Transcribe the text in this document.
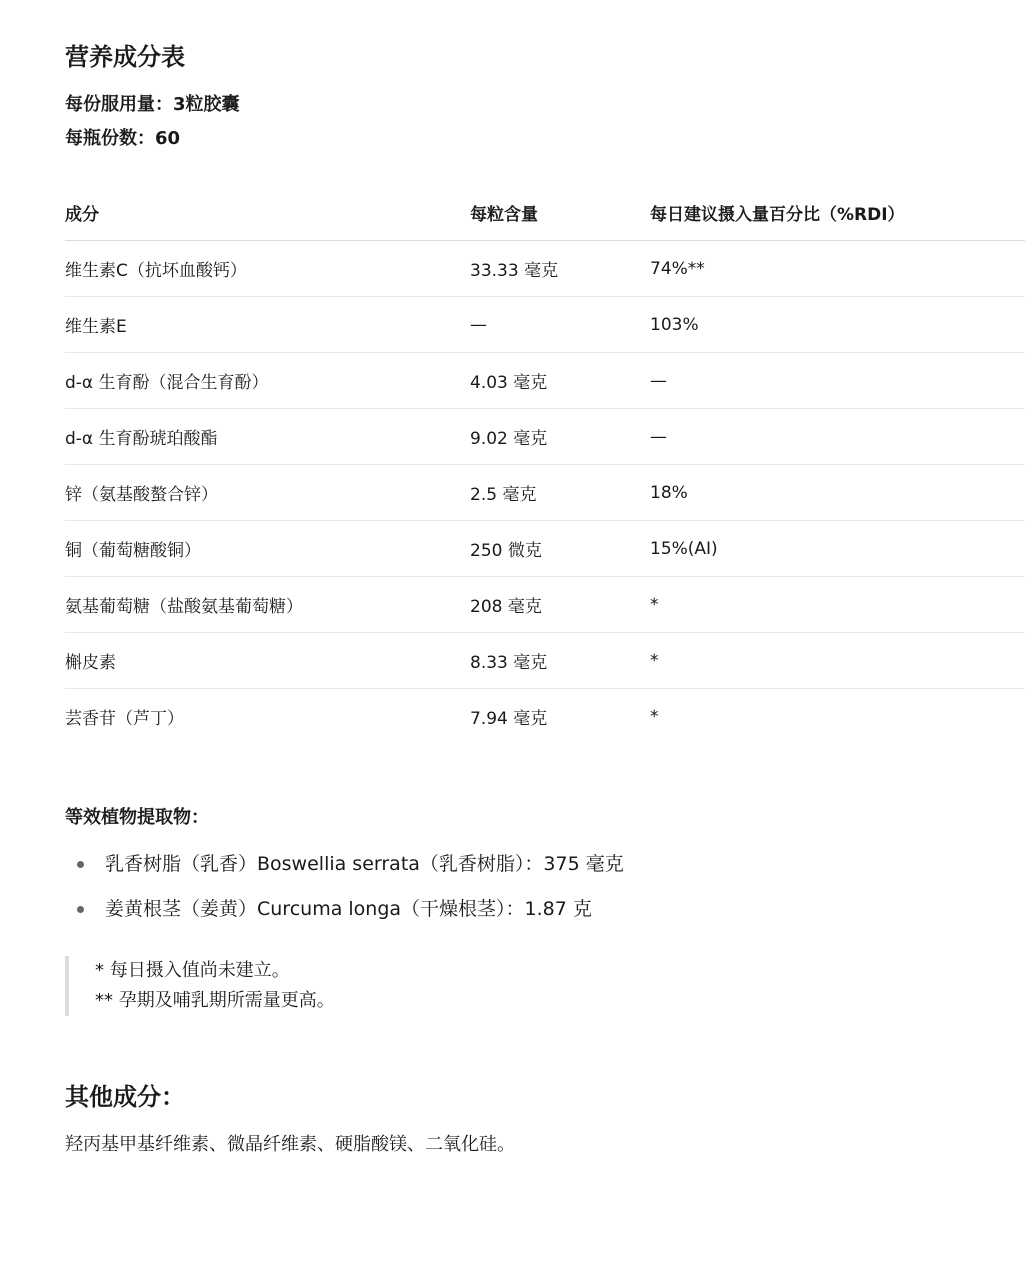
营养成分表

每份服用量：3粒胶囊

每瓶份数：60

成分	每粒含量	每日建议摄入量百分比（%RDI）
维生素C（抗坏血酸钙）	33.33 毫克	74%**
维生素E	—	103%
d-α 生育酚（混合生育酚）	4.03 毫克	—
d-α 生育酚琥珀酸酯	9.02 毫克	—
锌（氨基酸螯合锌）	2.5 毫克	18%
铜（葡萄糖酸铜）	250 微克	15%(AI)
氨基葡萄糖（盐酸氨基葡萄糖）	208 毫克	*
槲皮素	8.33 毫克	*
芸香苷（芦丁）	7.94 毫克	*
等效植物提取物：
乳香树脂（乳香）Boswellia serrata（乳香树脂）：375 毫克
姜黄根茎（姜黄）Curcuma longa（干燥根茎）：1.87 克
* 每日摄入值尚未建立。
** 孕期及哺乳期所需量更高。
其他成分：

羟丙基甲基纤维素、微晶纤维素、硬脂酸镁、二氧化硅。
